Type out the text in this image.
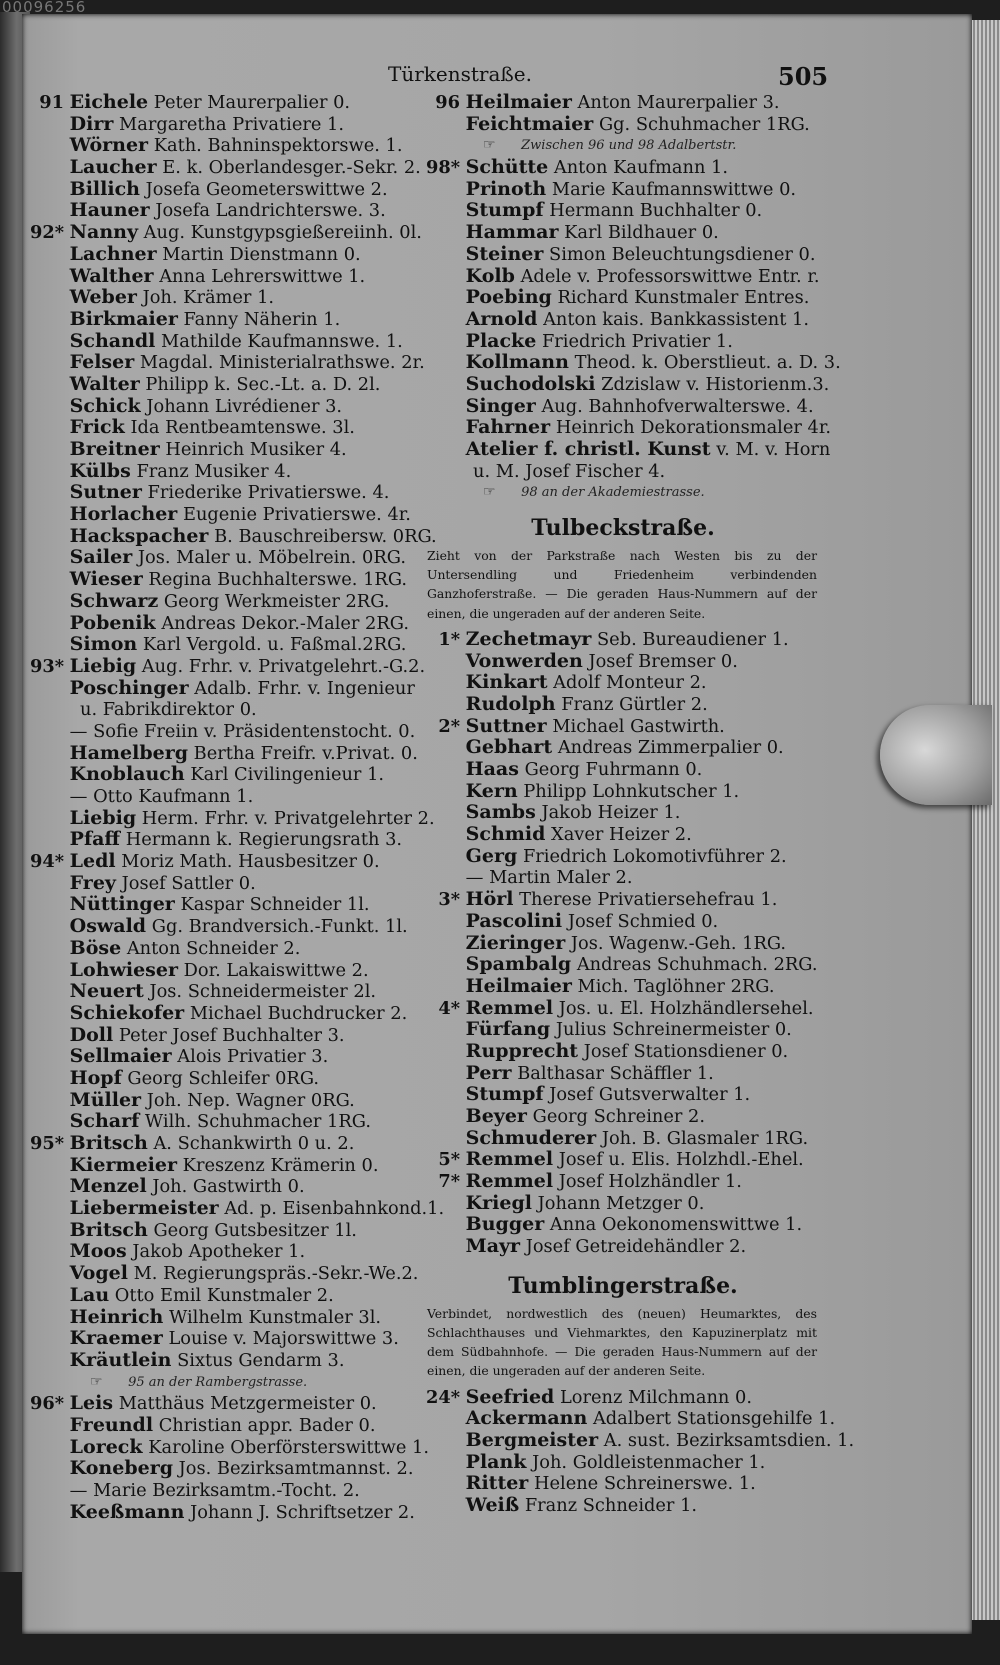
00096256
Türkenstraße.	505
91 Eichele Peter Maurerpalier 0.
Dirr Margaretha Privatiere 1.
Wörner Kath. Bahninspektorswe. 1.
Laucher E. k. Oberlandesger.-Sekr. 2.
Billich Josefa Geometerswittwe 2.
Hauner Josefa Landrichterswe. 3.
92* Nanny Aug. Kunstgypsgießereiinh. 0l.
Lachner Martin Dienstmann 0.
Walther Anna Lehrerswittwe 1.
Weber Joh. Krämer 1.
Birkmaier Fanny Näherin 1.
Schandl Mathilde Kaufmannswe. 1.
Felser Magdal. Ministerialrathswe. 2r.
Walter Philipp k. Sec.-Lt. a. D. 2l.
Schick Johann Livrédiener 3.
Frick Ida Rentbeamtenswe. 3l.
Breitner Heinrich Musiker 4.
Külbs Franz Musiker 4.
Sutner Friederike Privatierswe. 4.
Horlacher Eugenie Privatierswe. 4r.
Hackspacher B. Bauschreibersw. 0RG.
Sailer Jos. Maler u. Möbelrein. 0RG.
Wieser Regina Buchhalterswe. 1RG.
Schwarz Georg Werkmeister 2RG.
Pobenik Andreas Dekor.-Maler 2RG.
Simon Karl Vergold. u. Faßmal.2RG.
93* Liebig Aug. Frhr. v. Privatgelehrt.-G.2.
Poschinger Adalb. Frhr. v. Ingenieur
u. Fabrikdirektor 0.
— Sofie Freiin v. Präsidentenstocht. 0.
Hamelberg Bertha Freifr. v.Privat. 0.
Knoblauch Karl Civilingenieur 1.
— Otto Kaufmann 1.
Liebig Herm. Frhr. v. Privatgelehrter 2.
Pfaff Hermann k. Regierungsrath 3.
94* Ledl Moriz Math. Hausbesitzer 0.
Frey Josef Sattler 0.
Nüttinger Kaspar Schneider 1l.
Oswald Gg. Brandversich.-Funkt. 1l.
Böse Anton Schneider 2.
Lohwieser Dor. Lakaiswittwe 2.
Neuert Jos. Schneidermeister 2l.
Schiekofer Michael Buchdrucker 2.
Doll Peter Josef Buchhalter 3.
Sellmaier Alois Privatier 3.
Hopf Georg Schleifer 0RG.
Müller Joh. Nep. Wagner 0RG.
Scharf Wilh. Schuhmacher 1RG.
95* Britsch A. Schankwirth 0 u. 2.
Kiermeier Kreszenz Krämerin 0.
Menzel Joh. Gastwirth 0.
Liebermeister Ad. p. Eisenbahnkond.1.
Britsch Georg Gutsbesitzer 1l.
Moos Jakob Apotheker 1.
Vogel M. Regierungspräs.-Sekr.-We.2.
Lau Otto Emil Kunstmaler 2.
Heinrich Wilhelm Kunstmaler 3l.
Kraemer Louise v. Majorswittwe 3.
Kräutlein Sixtus Gendarm 3.
☞ 95 an der Rambergstrasse.
96* Leis Matthäus Metzgermeister 0.
Freundl Christian appr. Bader 0.
Loreck Karoline Oberförsterswittwe 1.
Koneberg Jos. Bezirksamtmannst. 2.
— Marie Bezirksamtm.-Tocht. 2.
Keeßmann Johann J. Schriftsetzer 2.
96 Heilmaier Anton Maurerpalier 3.
Feichtmaier Gg. Schuhmacher 1RG.
☞ Zwischen 96 und 98 Adalbertstr.
98* Schütte Anton Kaufmann 1.
Prinoth Marie Kaufmannswittwe 0.
Stumpf Hermann Buchhalter 0.
Hammar Karl Bildhauer 0.
Steiner Simon Beleuchtungsdiener 0.
Kolb Adele v. Professorswittwe Entr. r.
Poebing Richard Kunstmaler Entres.
Arnold Anton kais. Bankkassistent 1.
Placke Friedrich Privatier 1.
Kollmann Theod. k. Oberstlieut. a. D. 3.
Suchodolski Zdzislaw v. Historienm.3.
Singer Aug. Bahnhofverwalterswe. 4.
Fahrner Heinrich Dekorationsmaler 4r.
Atelier f. christl. Kunst v. M. v. Horn
u. M. Josef Fischer 4.
☞ 98 an der Akademiestrasse.
Tulbeckstraße.
Zieht von der Parkstraße nach Westen bis zu der Untersendling und Friedenheim verbindenden Ganzhoferstraße. — Die geraden Haus-Nummern auf der einen, die ungeraden auf der anderen Seite.
1* Zechetmayr Seb. Bureaudiener 1.
Vonwerden Josef Bremser 0.
Kinkart Adolf Monteur 2.
Rudolph Franz Gürtler 2.
2* Suttner Michael Gastwirth.
Gebhart Andreas Zimmerpalier 0.
Haas Georg Fuhrmann 0.
Kern Philipp Lohnkutscher 1.
Sambs Jakob Heizer 1.
Schmid Xaver Heizer 2.
Gerg Friedrich Lokomotivführer 2.
— Martin Maler 2.
3* Hörl Therese Privatiersehefrau 1.
Pascolini Josef Schmied 0.
Zieringer Jos. Wagenw.-Geh. 1RG.
Spambalg Andreas Schuhmach. 2RG.
Heilmaier Mich. Taglöhner 2RG.
4* Remmel Jos. u. El. Holzhändlersehel.
Fürfang Julius Schreinermeister 0.
Rupprecht Josef Stationsdiener 0.
Perr Balthasar Schäffler 1.
Stumpf Josef Gutsverwalter 1.
Beyer Georg Schreiner 2.
Schmuderer Joh. B. Glasmaler 1RG.
5* Remmel Josef u. Elis. Holzhdl.-Ehel.
7* Remmel Josef Holzhändler 1.
Kriegl Johann Metzger 0.
Bugger Anna Oekonomenswittwe 1.
Mayr Josef Getreidehändler 2.
Tumblingerstraße.
Verbindet, nordwestlich des (neuen) Heumarktes, des Schlachthauses und Viehmarktes, den Kapuzinerplatz mit dem Südbahnhofe. — Die geraden Haus-Nummern auf der einen, die ungeraden auf der anderen Seite.
24* Seefried Lorenz Milchmann 0.
Ackermann Adalbert Stationsgehilfe 1.
Bergmeister A. sust. Bezirksamtsdien. 1.
Plank Joh. Goldleistenmacher 1.
Ritter Helene Schreinerswe. 1.
Weiß Franz Schneider 1.
